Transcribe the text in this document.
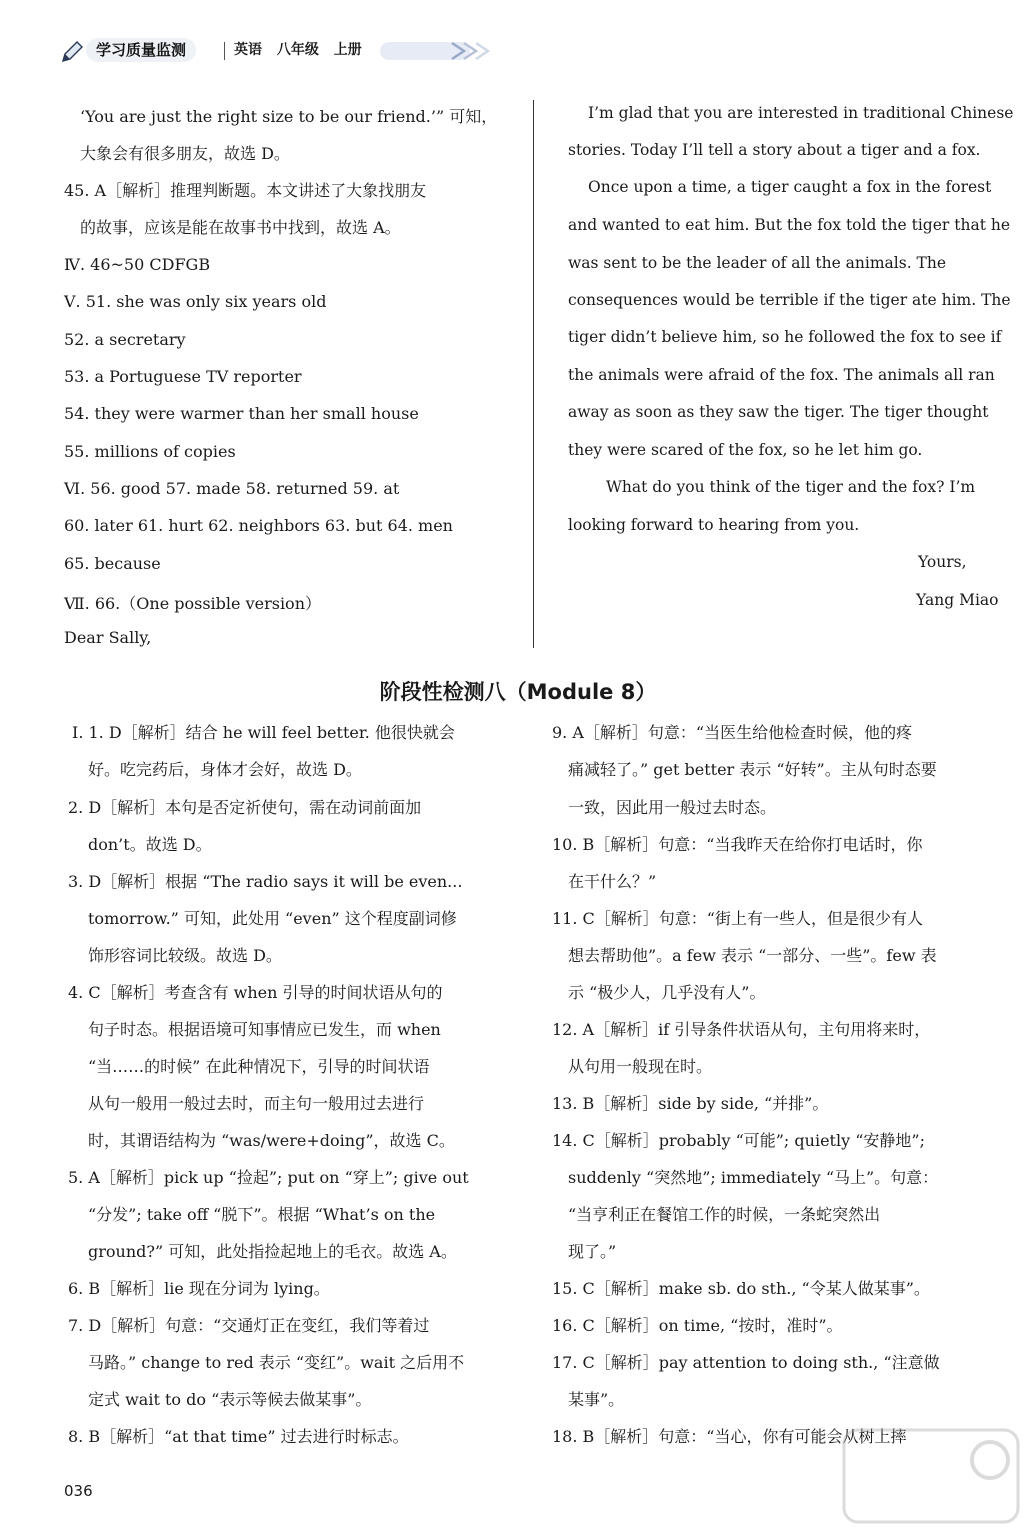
学习质量监测	英语 八年级 上册
‘You are just the right size to be our friend.’” 可知，
大象会有很多朋友，故选 D。
45. A［解析］推理判断题。本文讲述了大象找朋友
的故事，应该是能在故事书中找到，故选 A。
Ⅳ. 46~50 CDFGB
Ⅴ. 51. she was only six years old
52. a secretary
53. a Portuguese TV reporter
54. they were warmer than her small house
55. millions of copies
Ⅵ. 56. good 57. made 58. returned 59. at
60. later 61. hurt 62. neighbors 63. but 64. men
65. because
Ⅶ. 66.（One possible version）
Dear Sally,
I’m glad that you are interested in traditional Chinese
stories. Today I’ll tell a story about a tiger and a fox.
Once upon a time, a tiger caught a fox in the forest
and wanted to eat him. But the fox told the tiger that he
was sent to be the leader of all the animals. The
consequences would be terrible if the tiger ate him. The
tiger didn’t believe him, so he followed the fox to see if
the animals were afraid of the fox. The animals all ran
away as soon as they saw the tiger. The tiger thought
they were scared of the fox, so he let him go.
What do you think of the tiger and the fox? I’m
looking forward to hearing from you.
Yours,
Yang Miao
阶段性检测八（Module 8）
Ⅰ. 1. D［解析］结合 he will feel better. 他很快就会
好。吃完药后，身体才会好，故选 D。
2. D［解析］本句是否定祈使句，需在动词前面加
don’t。故选 D。
3. D［解析］根据 “The radio says it will be even...
tomorrow.” 可知，此处用 “even” 这个程度副词修
饰形容词比较级。故选 D。
4. C［解析］考查含有 when 引导的时间状语从句的
句子时态。根据语境可知事情应已发生，而 when
“当……的时候” 在此种情况下，引导的时间状语
从句一般用一般过去时，而主句一般用过去进行
时，其谓语结构为 “was/were+doing”，故选 C。
5. A［解析］pick up “捡起”; put on “穿上”; give out
“分发”; take off “脱下”。根据 “What’s on the
ground?” 可知，此处指捡起地上的毛衣。故选 A。
6. B［解析］lie 现在分词为 lying。
7. D［解析］句意：“交通灯正在变红，我们等着过
马路。” change to red 表示 “变红”。wait 之后用不
定式 wait to do “表示等候去做某事”。
8. B［解析］“at that time” 过去进行时标志。
9. A［解析］句意：“当医生给他检查时候，他的疼
痛减轻了。” get better 表示 “好转”。主从句时态要
一致，因此用一般过去时态。
10. B［解析］句意：“当我昨天在给你打电话时，你
在干什么？”
11. C［解析］句意：“街上有一些人，但是很少有人
想去帮助他”。a few 表示 “一部分、一些”。few 表
示 “极少人，几乎没有人”。
12. A［解析］if 引导条件状语从句，主句用将来时，
从句用一般现在时。
13. B［解析］side by side, “并排”。
14. C［解析］probably “可能”; quietly “安静地”;
suddenly “突然地”; immediately “马上”。句意：
“当亨利正在餐馆工作的时候，一条蛇突然出
现了。”
15. C［解析］make sb. do sth., “令某人做某事”。
16. C［解析］on time, “按时，准时”。
17. C［解析］pay attention to doing sth., “注意做
某事”。
18. B［解析］句意：“当心，你有可能会从树上摔
036
